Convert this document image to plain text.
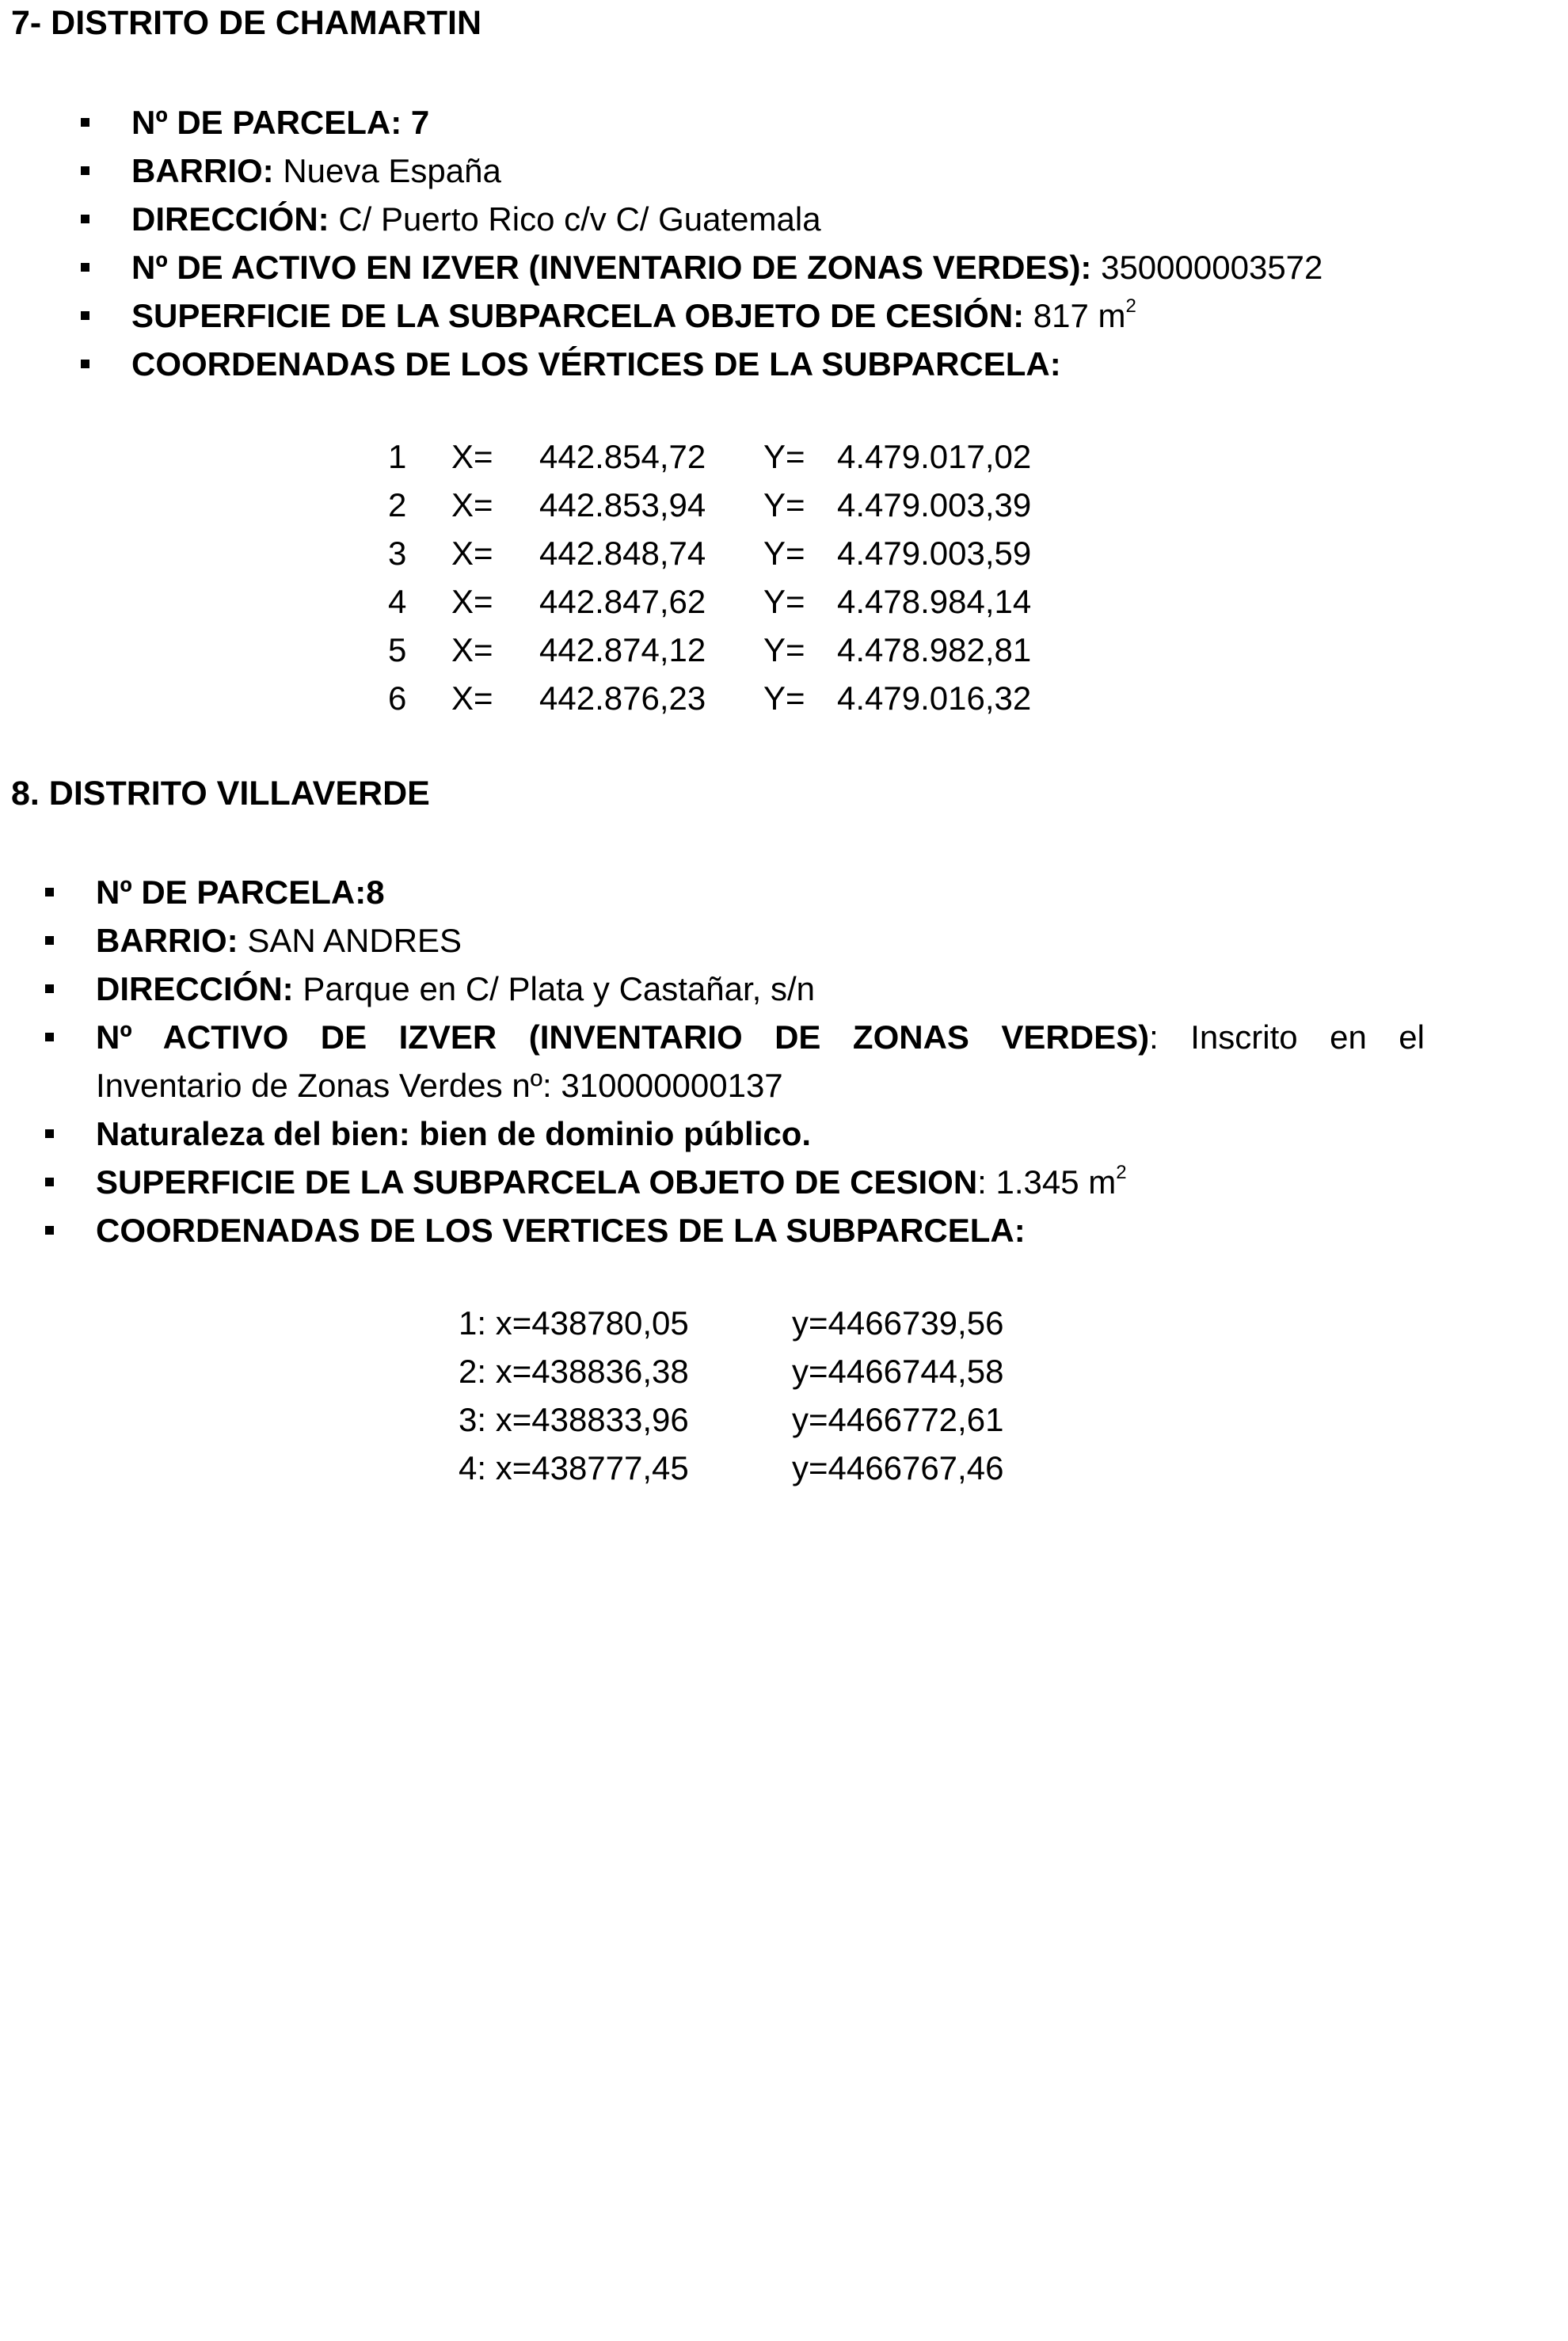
7- DISTRITO DE CHAMARTIN
Nº DE PARCELA: 7
BARRIO: Nueva España
DIRECCIÓN: C/ Puerto Rico c/v C/ Guatemala
Nº DE ACTIVO EN IZVER (INVENTARIO DE ZONAS VERDES): 350000003572
SUPERFICIE DE LA SUBPARCELA OBJETO DE CESIÓN: 817 $m^2$
COORDENADAS DE LOS VÉRTICES DE LA SUBPARCELA:
1 X= 442.854,72 Y= 4.479.017,02
2 X= 442.853,94 Y= 4.479.003,39
3 X= 442.848,74 Y= 4.479.003,59
4 X= 442.847,62 Y= 4.478.984,14
5 X= 442.874,12 Y= 4.478.982,81
6 X= 442.876,23 Y= 4.479.016,32
8. DISTRITO VILLAVERDE
Nº DE PARCELA:8
BARRIO: SAN ANDRES
DIRECCIÓN: Parque en C/ Plata y Castañar, s/n
Nº ACTIVO DE IZVER (INVENTARIO DE ZONAS VERDES): Inscrito en el
Inventario de Zonas Verdes nº: 310000000137
Naturaleza del bien: bien de dominio público.
SUPERFICIE DE LA SUBPARCELA OBJETO DE CESION: 1.345 $m^2$
COORDENADAS DE LOS VERTICES DE LA SUBPARCELA:
1: x=438780,05	y=4466739,56
2: x=438836,38	y=4466744,58
3: x=438833,96	y=4466772,61
4: x=438777,45	y=4466767,46
